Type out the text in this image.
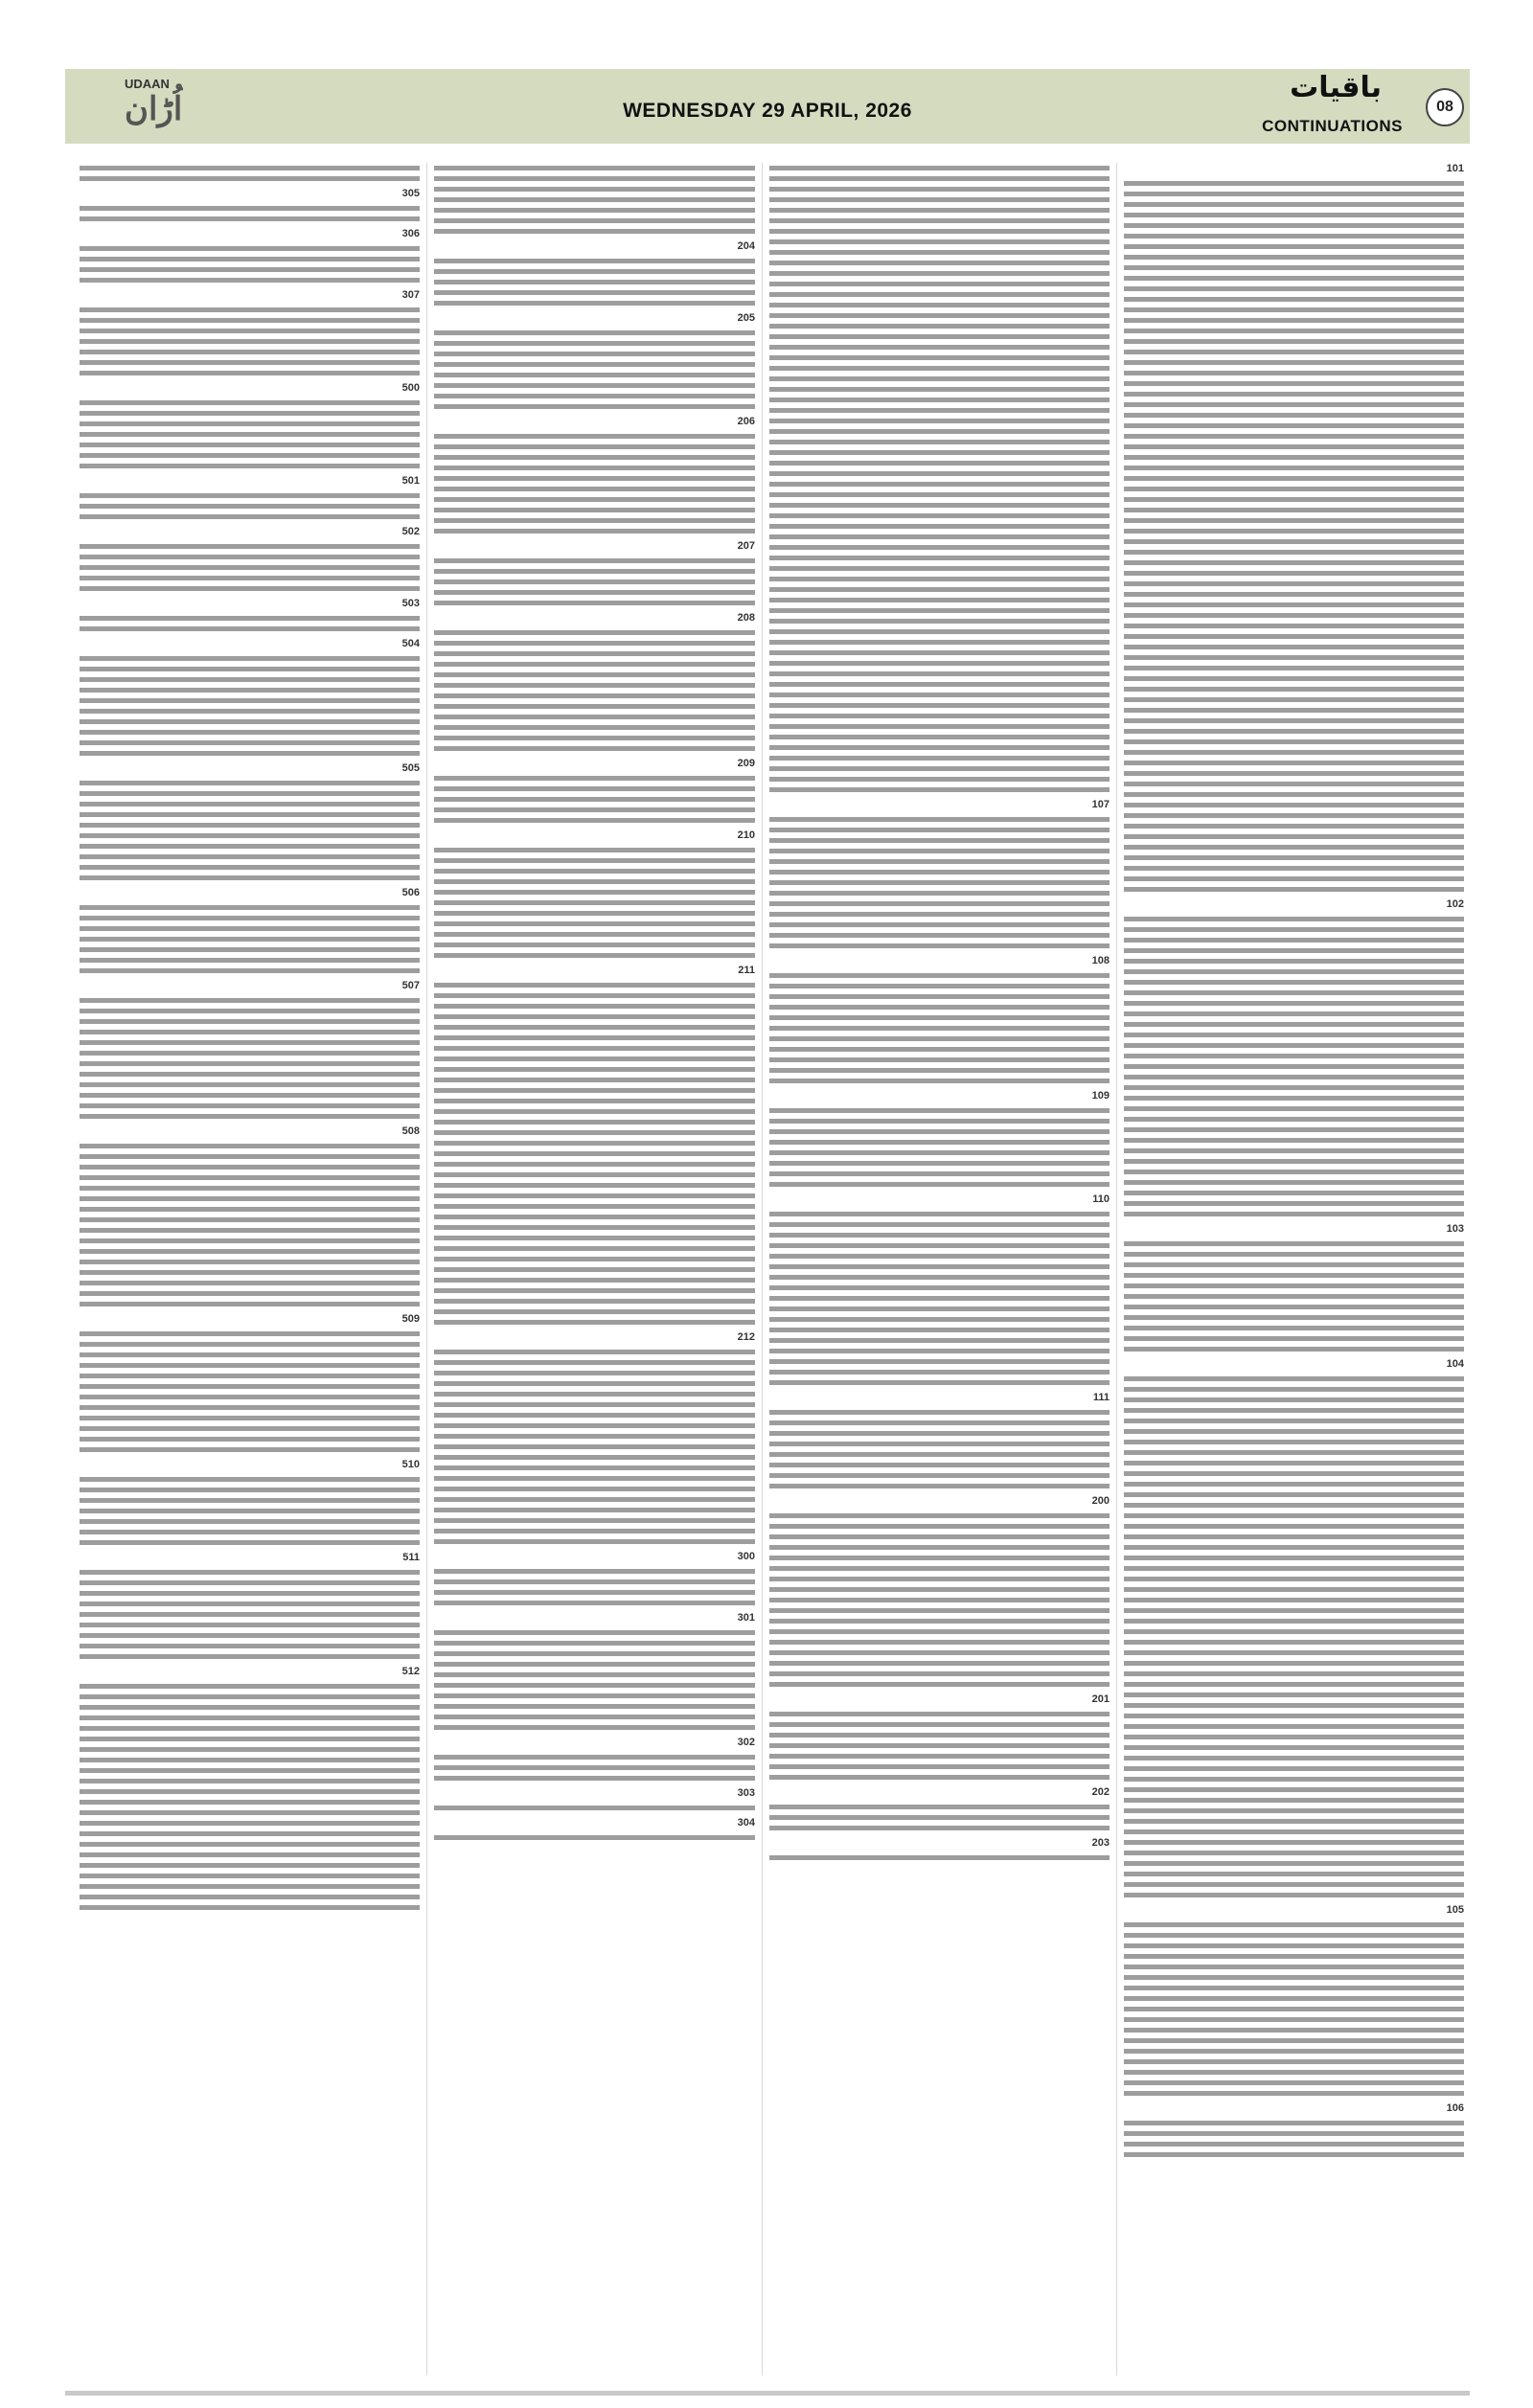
UDAAN
اُڑان	WEDNESDAY 29 APRIL, 2026
باقیات
CONTINUATIONS
08
101
102
103
104
105
106
107
108
109
110
111
200
201
202
203
204
205
206
207
208
209
210
211
212
300
301
302
303
304
305
306
307
500
501
502
503
504
505
506
507
508
509
510
511
512
